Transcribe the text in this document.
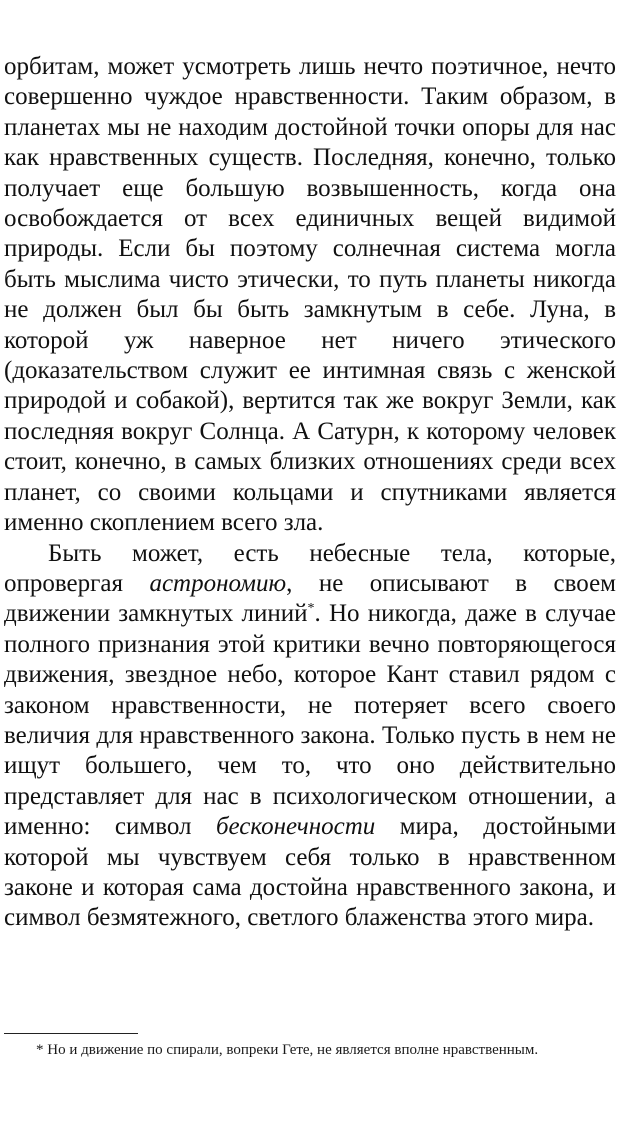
орбитам, может усмотреть лишь нечто поэтичное, нечто совершенно чуждое нравственности. Таким образом, в планетах мы не находим достойной точки опоры для нас как нравственных существ. Последняя, конечно, только получает еще большую возвышенность, когда она освобождается от всех единичных вещей видимой природы. Если бы поэтому солнечная система могла быть мыслима чисто этически, то путь планеты никогда не должен был бы быть замкнутым в себе. Луна, в которой уж наверное нет ничего этического (доказательством служит ее интимная связь с женской природой и собакой), вертится так же вокруг Земли, как последняя вокруг Солнца. А Сатурн, к которому человек стоит, конечно, в самых близких отношениях среди всех планет, со своими кольцами и спутниками является именно скоплением всего зла.

Быть может, есть небесные тела, которые, опровергая астрономию, не описывают в своем движении замкнутых линий*. Но никогда, даже в случае полного признания этой критики вечно повторяющегося движения, звездное небо, которое Кант ставил рядом с законом нравственности, не потеряет всего своего величия для нравственного закона. Только пусть в нем не ищут большего, чем то, что оно действительно представляет для нас в психологическом отношении, а именно: символ бесконечности мира, достойными которой мы чувствуем себя только в нравственном законе и которая сама достойна нравственного закона, и символ безмятежного, светлого блаженства этого мира.

* Но и движение по спирали, вопреки Гете, не является вполне нравственным.
